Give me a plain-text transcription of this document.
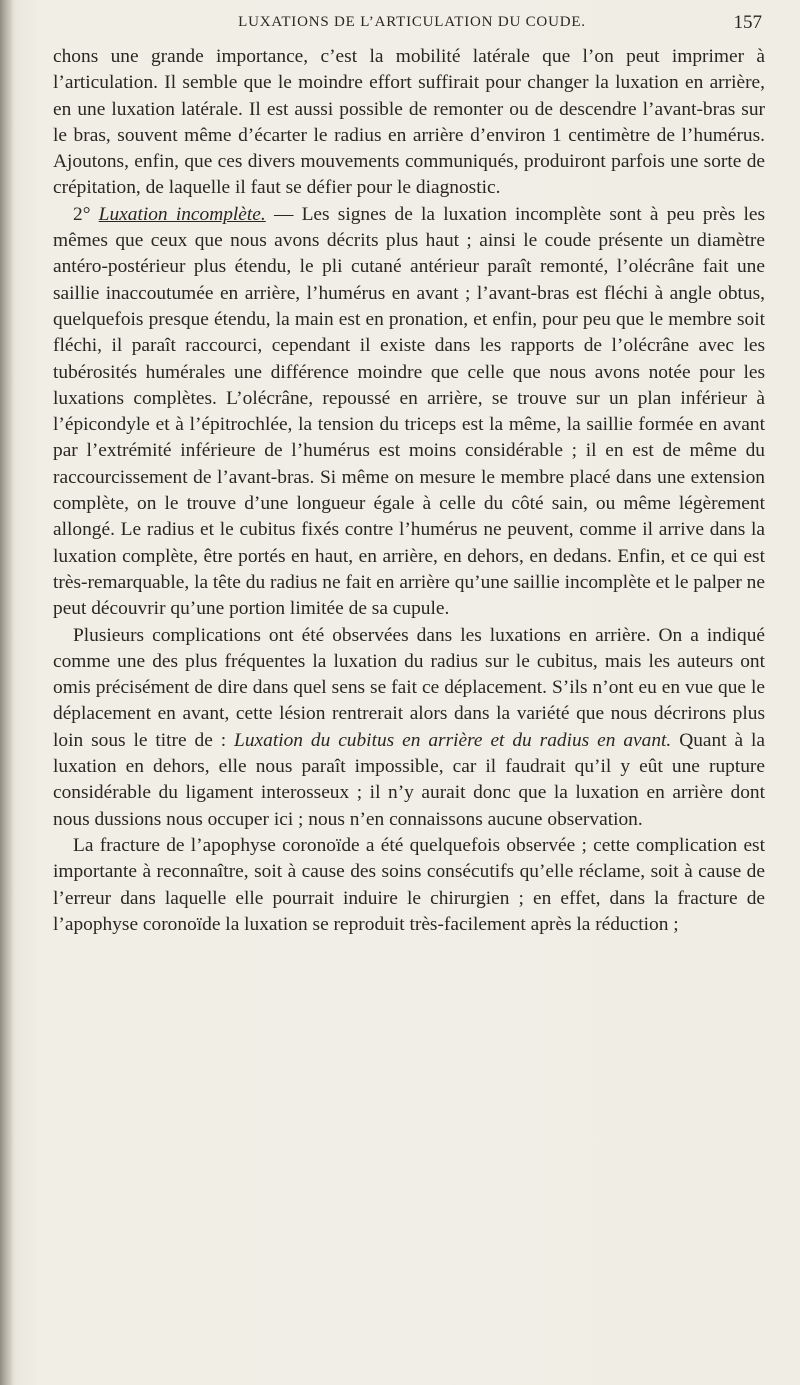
LUXATIONS DE L’ARTICULATION DU COUDE.	157

chons une grande importance, c’est la mobilité latérale que l’on peut imprimer à l’articulation. Il semble que le moindre effort suffirait pour changer la luxation en arrière, en une luxation latérale. Il est aussi possible de remonter ou de descendre l’avant-bras sur le bras, souvent même d’écarter le radius en arrière d’environ 1 centimètre de l’humérus. Ajoutons, enfin, que ces divers mouvements communiqués, produiront parfois une sorte de crépitation, de laquelle il faut se défier pour le diagnostic.

2° Luxation incomplète. — Les signes de la luxation incomplète sont à peu près les mêmes que ceux que nous avons décrits plus haut ; ainsi le coude présente un diamètre antéro-postérieur plus étendu, le pli cutané antérieur paraît remonté, l’olécrâne fait une saillie inaccoutumée en arrière, l’humérus en avant ; l’avant-bras est fléchi à angle obtus, quelquefois presque étendu, la main est en pronation, et enfin, pour peu que le membre soit fléchi, il paraît raccourci, cependant il existe dans les rapports de l’olécrâne avec les tubérosités humérales une différence moindre que celle que nous avons notée pour les luxations complètes. L’olécrâne, repoussé en arrière, se trouve sur un plan inférieur à l’épicondyle et à l’épitrochlée, la tension du triceps est la même, la saillie formée en avant par l’extrémité inférieure de l’humérus est moins considérable ; il en est de même du raccourcissement de l’avant-bras. Si même on mesure le membre placé dans une extension complète, on le trouve d’une longueur égale à celle du côté sain, ou même légèrement allongé. Le radius et le cubitus fixés contre l’humérus ne peuvent, comme il arrive dans la luxation complète, être portés en haut, en arrière, en dehors, en dedans. Enfin, et ce qui est très-remarquable, la tête du radius ne fait en arrière qu’une saillie incomplète et le palper ne peut découvrir qu’une portion limitée de sa cupule.

Plusieurs complications ont été observées dans les luxations en arrière. On a indiqué comme une des plus fréquentes la luxation du radius sur le cubitus, mais les auteurs ont omis précisément de dire dans quel sens se fait ce déplacement. S’ils n’ont eu en vue que le déplacement en avant, cette lésion rentrerait alors dans la variété que nous décrirons plus loin sous le titre de : Luxation du cubitus en arrière et du radius en avant. Quant à la luxation en dehors, elle nous paraît impossible, car il faudrait qu’il y eût une rupture considérable du ligament interosseux ; il n’y aurait donc que la luxation en arrière dont nous dussions nous occuper ici ; nous n’en connaissons aucune observation.

La fracture de l’apophyse coronoïde a été quelquefois observée ; cette complication est importante à reconnaître, soit à cause des soins consécutifs qu’elle réclame, soit à cause de l’erreur dans laquelle elle pourrait induire le chirurgien ; en effet, dans la fracture de l’apophyse coronoïde la luxation se reproduit très-facilement après la réduction ;
